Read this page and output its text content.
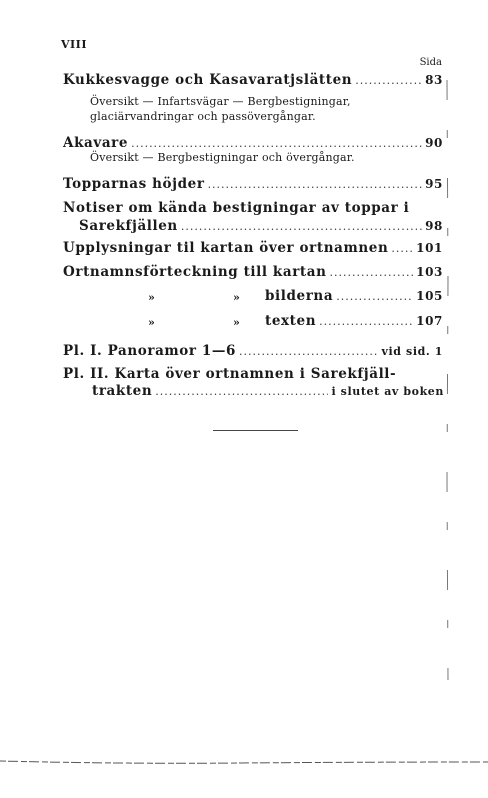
VIII
Sida
Kukkesvagge och Kasavaratjslätten .....	83
Översikt — Infartsvägar — Bergbestigningar,
glaciärvandringar och passövergångar.
Akavare .....	90
Översikt — Bergbestigningar och övergångar.
Topparnas höjder .....	95
Notiser om kända bestigningar av toppar i
Sarekfjällen .....	98
Upplysningar til kartan över ortnamnen ..... 101
Ortnamnsförteckning till kartan .....	103
»	» bilderna .....	105
»	» texten .....	107
Pl. I. Panoramor 1—6 .....	vid sid. 1
Pl. II. Karta över ortnamnen i Sarekfjäll-
trakten .....	i slutet av boken
